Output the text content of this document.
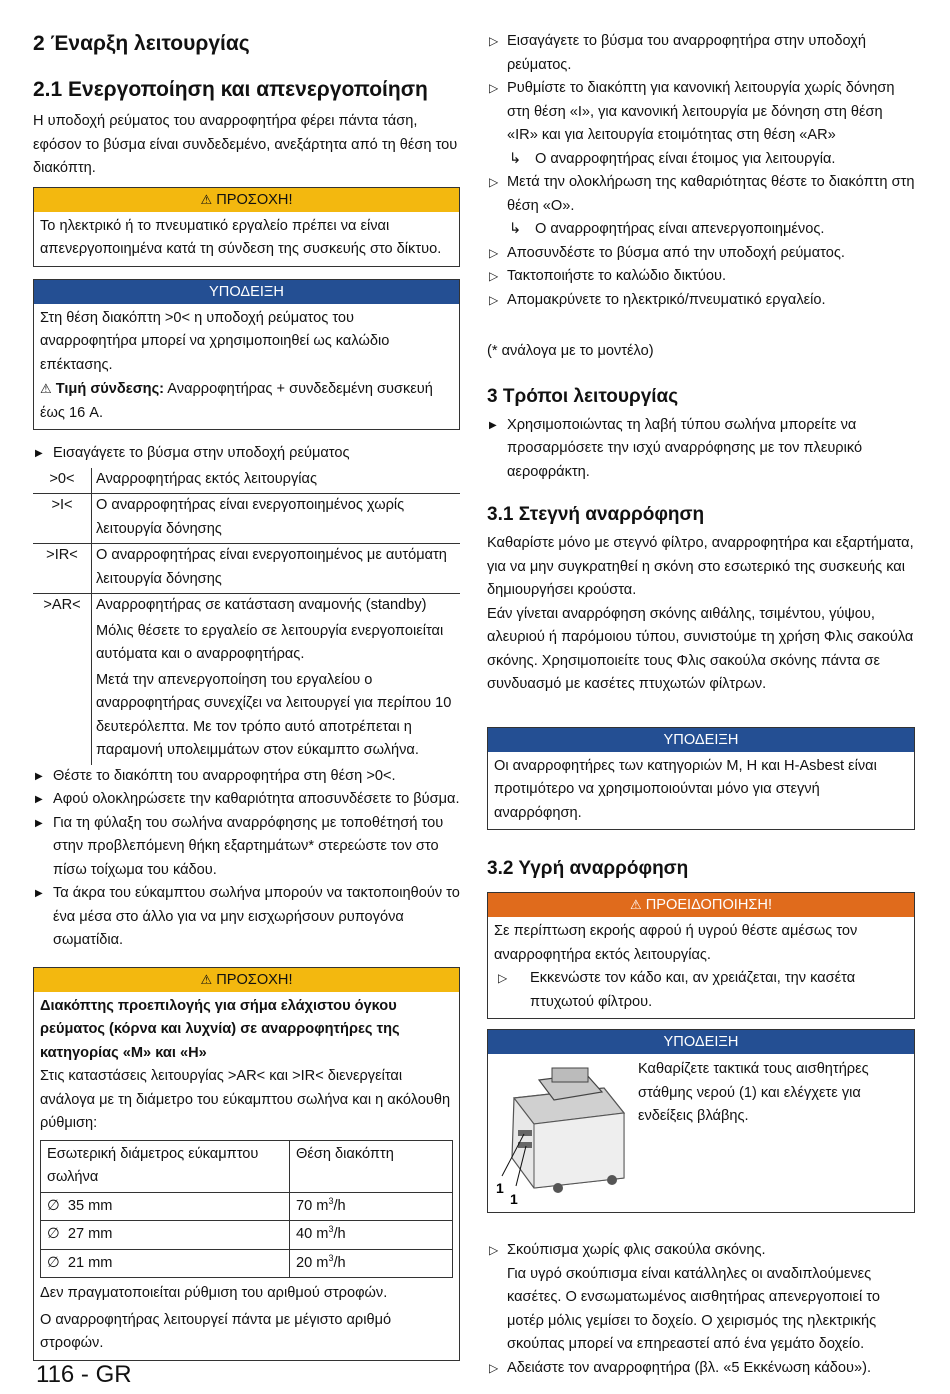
2 Έναρξη λειτουργίας
2.1 Ενεργοποίηση και απενεργοποίηση

Η υποδοχή ρεύματος του αναρροφητήρα φέρει πάντα τάση, εφόσον το βύσμα είναι συνδεδεμένο, ανεξάρτητα από τη θέση του διακόπτη.

⚠ ΠΡΟΣΟΧΗ!
Το ηλεκτρικό ή το πνευματικό εργαλείο πρέπει να είναι απενεργοποιημένα κατά τη σύνδεση της συσκευής στο δίκτυο.
ΥΠΟΔΕΙΞΗ

Στη θέση διακόπτη >0< η υποδοχή ρεύματος του αναρροφητήρα μπορεί να χρησιμοποιηθεί ως καλώδιο επέκτασης.

⚠ Τιμή σύνδεσης: Αναρροφητήρας + συνδεδεμένη συσκευή έως 16 A.

▶ Εισαγάγετε το βύσμα στην υποδοχή ρεύματος
>0<	Αναρροφητήρας εκτός λειτουργίας

>I<	Ο αναρροφητήρας είναι ενεργοποιημένος χωρίς λειτουργία δόνησης

>IR<	Ο αναρροφητήρας είναι ενεργοποιημένος με αυτόματη λειτουργία δόνησης

>AR<	Αναρροφητήρας σε κατάσταση αναμονής (standby)

Μόλις θέσετε το εργαλείο σε λειτουργία ενεργοποιείται αυτόματα και ο αναρροφητήρας.

Μετά την απενεργοποίηση του εργαλείου ο αναρροφητήρας συνεχίζει να λειτουργεί για περίπου 10 δευτερόλεπτα. Με τον τρόπο αυτό αποτρέπεται η παραμονή υπολειμμάτων στον εύκαμπτο σωλήνα.

▶ Θέστε το διακόπτη του αναρροφητήρα στη θέση >0<.
▶ Αφού ολοκληρώσετε την καθαριότητα αποσυνδέσετε το βύσμα.
▶ Για τη φύλαξη του σωλήνα αναρρόφησης με τοποθέτησή του στην προβλεπόμενη θήκη εξαρτημάτων* στερεώστε τον στο πίσω τοίχωμα του κάδου.
▶ Τα άκρα του εύκαμπτου σωλήνα μπορούν να τακτοποιηθούν το ένα μέσα στο άλλο για να μην εισχωρήσουν ρυπογόνα σωματίδια.
⚠ ΠΡΟΣΟΧΗ!

Διακόπτης προεπιλογής για σήμα ελάχιστου όγκου ρεύματος (κόρνα και λυχνία) σε αναρροφητήρες της κατηγορίας «M» και «H»

Στις καταστάσεις λειτουργίας >AR< και >IR< διενεργείται ανάλογα με τη διάμετρο του εύκαμπτου σωλήνα και η ακόλουθη ρύθμιση:

Εσωτερική διάμετρος εύκαμπτου σωλήνα	Θέση διακόπτη
∅ 35 mm	70 $m^3/h$
∅ 27 mm	40 $m^3/h$
∅ 21 mm	20 $m^3/h$

Δεν πραγματοποιείται ρύθμιση του αριθμού στροφών.

Ο αναρροφητήρας λειτουργεί πάντα με μέγιστο αριθμό στροφών.

▷ Εισαγάγετε το βύσμα του αναρροφητήρα στην υποδοχή ρεύματος.
▷ Ρυθμίστε το διακόπτη για κανονική λειτουργία χωρίς δόνηση στη θέση «I», για κανονική λειτουργία με δόνηση στη θέση «IR» και για λειτουργία ετοιμότητας στη θέση «AR»
↳ Ο αναρροφητήρας είναι έτοιμος για λειτουργία.
▷ Μετά την ολοκλήρωση της καθαριότητας θέστε το διακόπτη στη θέση «O».
↳ Ο αναρροφητήρας είναι απενεργοποιημένος.
▷ Αποσυνδέστε το βύσμα από την υποδοχή ρεύματος.
▷ Τακτοποιήστε το καλώδιο δικτύου.
▷ Απομακρύνετε το ηλεκτρικό/πνευματικό εργαλείο.

(* ανάλογα με το μοντέλο)

3 Τρόποι λειτουργίας
▶ Χρησιμοποιώντας τη λαβή τύπου σωλήνα μπορείτε να προσαρμόσετε την ισχύ αναρρόφησης με τον πλευρικό αεροφράκτη.
3.1 Στεγνή αναρρόφηση

Καθαρίστε μόνο με στεγνό φίλτρο, αναρροφητήρα και εξαρτήματα, για να μην συγκρατηθεί η σκόνη στο εσωτερικό της συσκευής και δημιουργήσει κρούστα.

Εάν γίνεται αναρρόφηση σκόνης αιθάλης, τσιμέντου, γύψου, αλευριού ή παρόμοιου τύπου, συνιστούμε τη χρήση Φλις σακούλα σκόνης. Χρησιμοποιείτε τους Φλις σακούλα σκόνης πάντα σε συνδυασμό με κασέτες πτυχωτών φίλτρων.

ΥΠΟΔΕΙΞΗ
Οι αναρροφητήρες των κατηγοριών M, H και H-Asbest είναι προτιμότερο να χρησιμοποιούνται μόνο για στεγνή αναρρόφηση.
3.2 Υγρή αναρρόφηση
⚠ ΠΡΟΕΙΔΟΠΟΙΗΣΗ!

Σε περίπτωση εκροής αφρού ή υγρού θέστε αμέσως τον αναρροφητήρα εκτός λειτουργίας.

▷ Εκκενώστε τον κάδο και, αν χρειάζεται, την κασέτα πτυχωτού φίλτρου.
ΥΠΟΔΕΙΞΗ
1
1

Καθαρίζετε τακτικά τους αισθητήρες στάθμης νερού (1) και ελέγχετε για ενδείξεις βλάβης.

▷ Σκούπισμα χωρίς φλις σακούλα σκόνης.

Για υγρό σκούπισμα είναι κατάλληλες οι αναδιπλούμενες κασέτες. Ο ενσωματωμένος αισθητήρας απενεργοποιεί το μοτέρ μόλις γεμίσει το δοχείο. Ο χειρισμός της ηλεκτρικής σκούπας μπορεί να επηρεαστεί από ένα γεμάτο δοχείο.

▷ Αδειάστε τον αναρροφητήρα (βλ. «5 Εκκένωση κάδου»).
116 - GR
